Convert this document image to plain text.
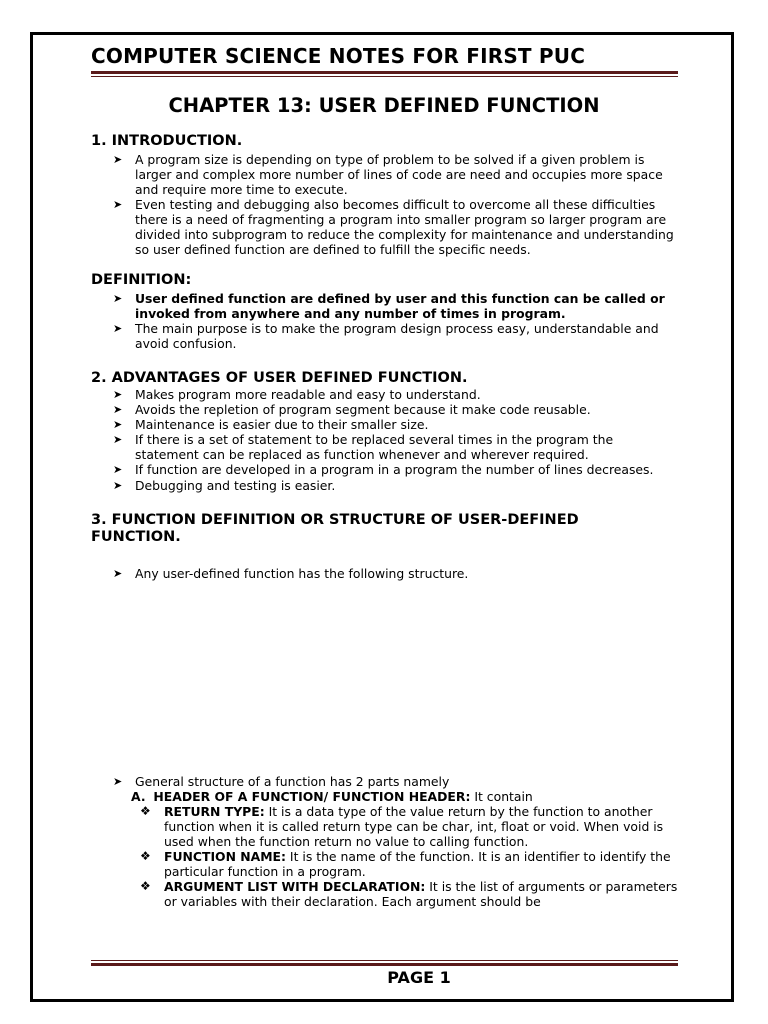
COMPUTER SCIENCE NOTES FOR FIRST PUC
CHAPTER 13: USER DEFINED FUNCTION
1. INTRODUCTION.
➤ A program size is depending on type of problem to be solved if a given problem is larger and complex more number of lines of code are need and occupies more space and require more time to execute.
➤ Even testing and debugging also becomes difficult to overcome all these difficulties there is a need of fragmenting a program into smaller program so larger program are divided into subprogram to reduce the complexity for maintenance and understanding so user defined function are defined to fulfill the specific needs.
DEFINITION:
➤ User defined function are defined by user and this function can be called or invoked from anywhere and any number of times in program.
➤ The main purpose is to make the program design process easy, understandable and avoid confusion.
2. ADVANTAGES OF USER DEFINED FUNCTION.
➤ Makes program more readable and easy to understand.
➤ Avoids the repletion of program segment because it make code reusable.
➤ Maintenance is easier due to their smaller size.
➤ If there is a set of statement to be replaced several times in the program the statement can be replaced as function whenever and wherever required.
➤ If function are developed in a program in a program the number of lines decreases.
➤ Debugging and testing is easier.
3. FUNCTION DEFINITION OR STRUCTURE OF USER-DEFINED FUNCTION.
➤ Any user-defined function has the following structure.
➤ General structure of a function has 2 parts namely
A. HEADER OF A FUNCTION/ FUNCTION HEADER: It contain
❖ RETURN TYPE: It is a data type of the value return by the function to another function when it is called return type can be char, int, float or void. When void is used when the function return no value to calling function.
❖ FUNCTION NAME: It is the name of the function. It is an identifier to identify the particular function in a program.
❖ ARGUMENT LIST WITH DECLARATION: It is the list of arguments or parameters or variables with their declaration. Each argument should be
PAGE 1
